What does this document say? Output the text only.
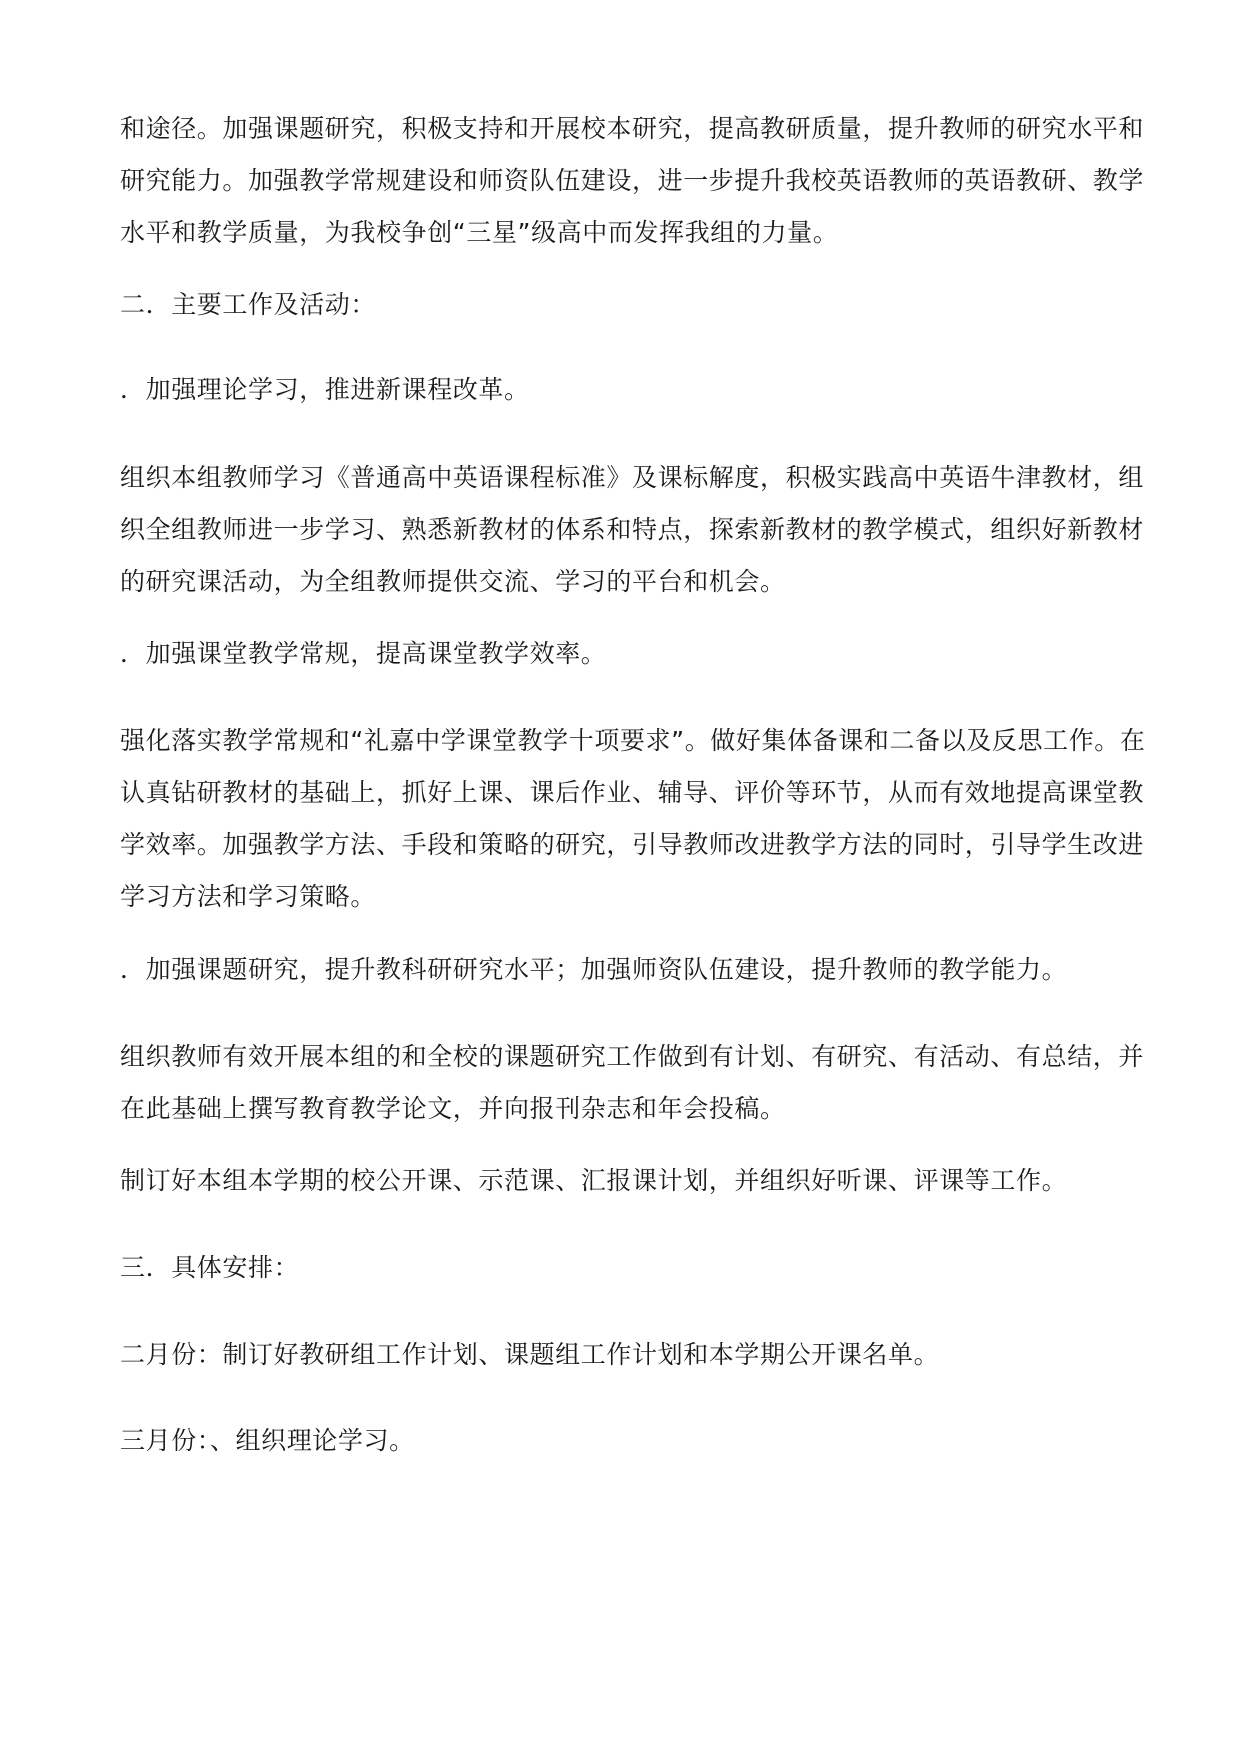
和途径。加强课题研究，积极支持和开展校本研究，提高教研质量，提升教师的研究水平和
研究能力。加强教学常规建设和师资队伍建设，进一步提升我校英语教师的英语教研、教学
水平和教学质量，为我校争创“三星”级高中而发挥我组的力量。
二．主要工作及活动：
．加强理论学习，推进新课程改革。
组织本组教师学习《普通高中英语课程标准》及课标解度，积极实践高中英语牛津教材，组
织全组教师进一步学习、熟悉新教材的体系和特点，探索新教材的教学模式，组织好新教材
的研究课活动，为全组教师提供交流、学习的平台和机会。
．加强课堂教学常规，提高课堂教学效率。
强化落实教学常规和“礼嘉中学课堂教学十项要求”。做好集体备课和二备以及反思工作。在
认真钻研教材的基础上，抓好上课、课后作业、辅导、评价等环节，从而有效地提高课堂教
学效率。加强教学方法、手段和策略的研究，引导教师改进教学方法的同时，引导学生改进
学习方法和学习策略。
．加强课题研究，提升教科研研究水平；加强师资队伍建设，提升教师的教学能力。
组织教师有效开展本组的和全校的课题研究工作做到有计划、有研究、有活动、有总结，并
在此基础上撰写教育教学论文，并向报刊杂志和年会投稿。
制订好本组本学期的校公开课、示范课、汇报课计划，并组织好听课、评课等工作。
三．具体安排：
二月份：制订好教研组工作计划、课题组工作计划和本学期公开课名单。
三月份：、组织理论学习。
